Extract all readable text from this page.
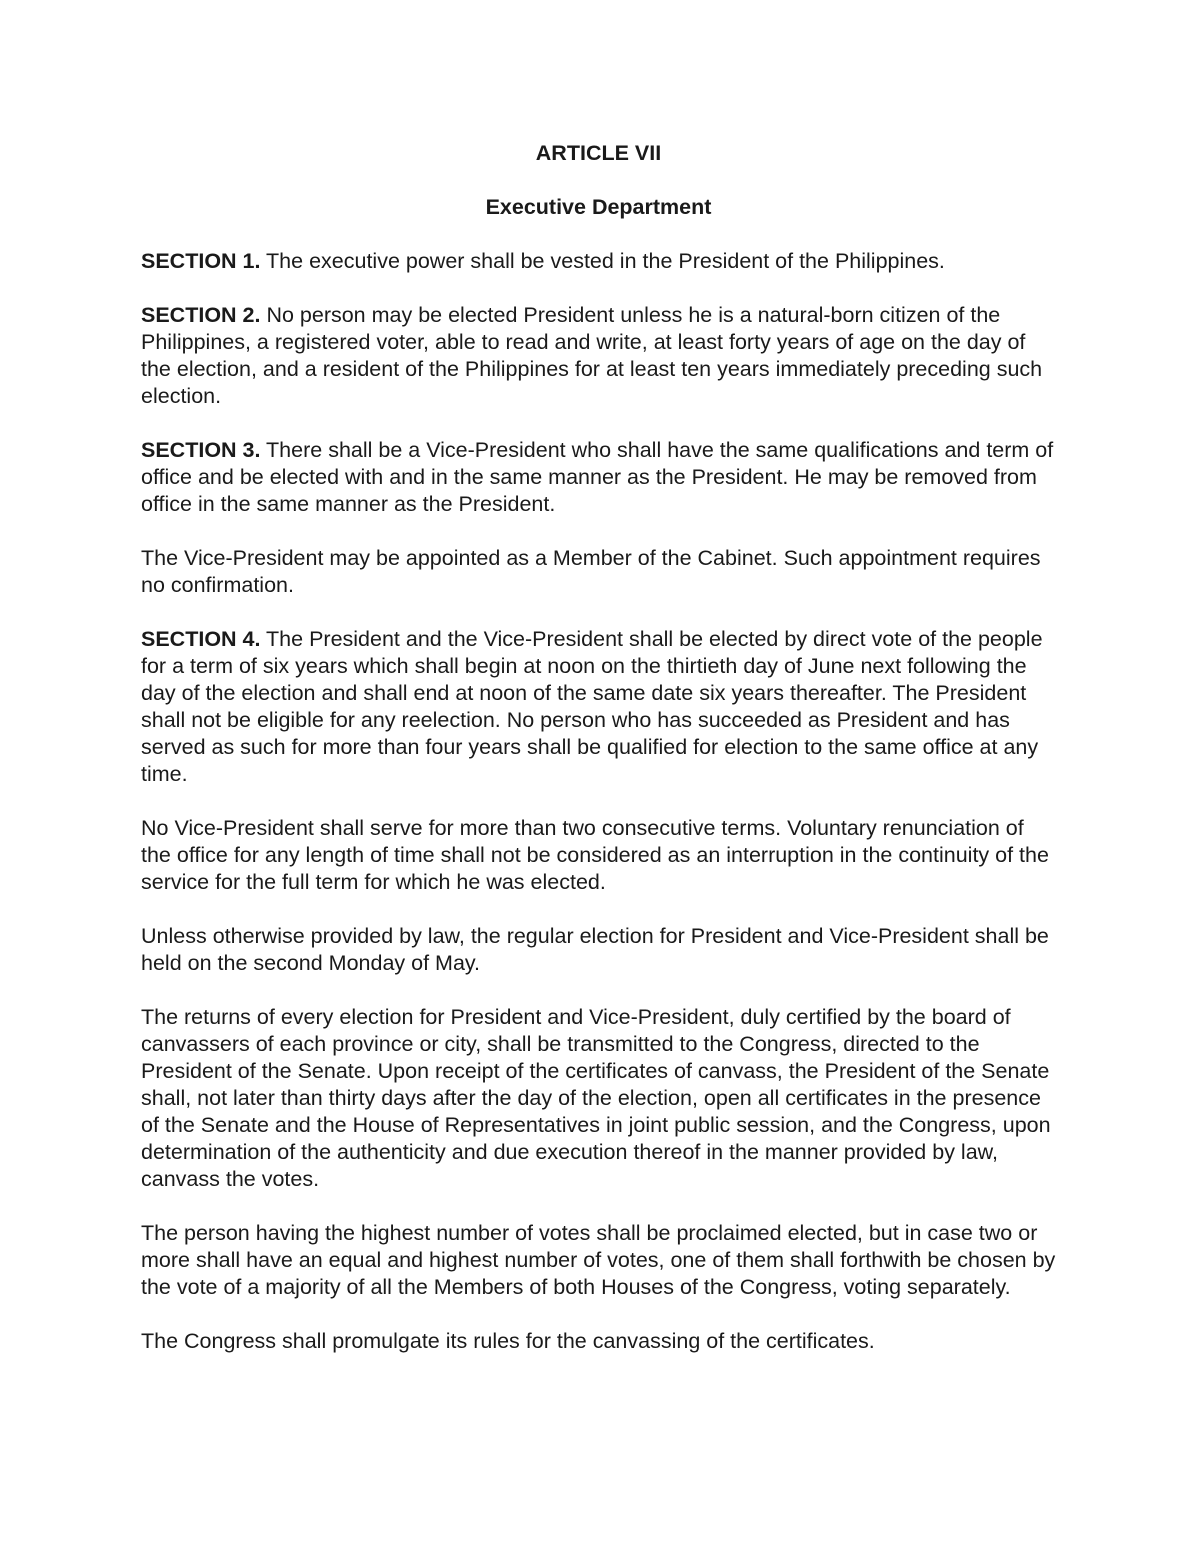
ARTICLE VII
Executive Department

SECTION 1. The executive power shall be vested in the President of the Philippines.

SECTION 2. No person may be elected President unless he is a natural-born citizen of the Philippines, a registered voter, able to read and write, at least forty years of age on the day of the election, and a resident of the Philippines for at least ten years immediately preceding such election.

SECTION 3. There shall be a Vice-President who shall have the same qualifications and term of office and be elected with and in the same manner as the President. He may be removed from office in the same manner as the President.

The Vice-President may be appointed as a Member of the Cabinet. Such appointment requires no confirmation.

SECTION 4. The President and the Vice-President shall be elected by direct vote of the people for a term of six years which shall begin at noon on the thirtieth day of June next following the day of the election and shall end at noon of the same date six years thereafter. The President shall not be eligible for any reelection. No person who has succeeded as President and has served as such for more than four years shall be qualified for election to the same office at any time.

No Vice-President shall serve for more than two consecutive terms. Voluntary renunciation of the office for any length of time shall not be considered as an interruption in the continuity of the service for the full term for which he was elected.

Unless otherwise provided by law, the regular election for President and Vice-President shall be held on the second Monday of May.

The returns of every election for President and Vice-President, duly certified by the board of canvassers of each province or city, shall be transmitted to the Congress, directed to the President of the Senate. Upon receipt of the certificates of canvass, the President of the Senate shall, not later than thirty days after the day of the election, open all certificates in the presence of the Senate and the House of Representatives in joint public session, and the Congress, upon determination of the authenticity and due execution thereof in the manner provided by law, canvass the votes.

The person having the highest number of votes shall be proclaimed elected, but in case two or more shall have an equal and highest number of votes, one of them shall forthwith be chosen by the vote of a majority of all the Members of both Houses of the Congress, voting separately.

The Congress shall promulgate its rules for the canvassing of the certificates.
